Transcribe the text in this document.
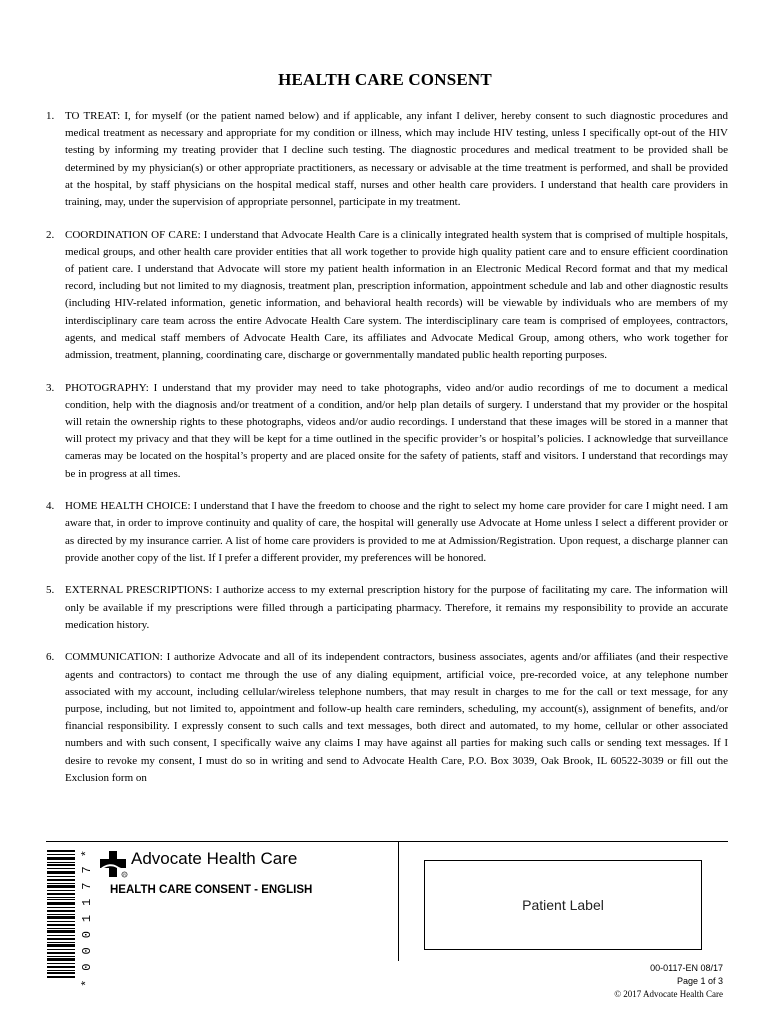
HEALTH CARE CONSENT
1. TO TREAT: I, for myself (or the patient named below) and if applicable, any infant I deliver, hereby consent to such diagnostic procedures and medical treatment as necessary and appropriate for my condition or illness, which may include HIV testing, unless I specifically opt-out of the HIV testing by informing my treating provider that I decline such testing. The diagnostic procedures and medical treatment to be provided shall be determined by my physician(s) or other appropriate practitioners, as necessary or advisable at the time treatment is performed, and shall be provided at the hospital, by staff physicians on the hospital medical staff, nurses and other health care providers. I understand that health care providers in training, may, under the supervision of appropriate personnel, participate in my treatment.

2. COORDINATION OF CARE: I understand that Advocate Health Care is a clinically integrated health system that is comprised of multiple hospitals, medical groups, and other health care provider entities that all work together to provide high quality patient care and to ensure efficient coordination of patient care. I understand that Advocate will store my patient health information in an Electronic Medical Record format and that my medical record, including but not limited to my diagnosis, treatment plan, prescription information, appointment schedule and lab and other diagnostic results (including HIV-related information, genetic information, and behavioral health records) will be viewable by individuals who are members of my interdisciplinary care team across the entire Advocate Health Care system. The interdisciplinary care team is comprised of employees, contractors, agents, and medical staff members of Advocate Health Care, its affiliates and Advocate Medical Group, among others, who work together for admission, treatment, planning, coordinating care, discharge or governmentally mandated public health reporting purposes.

3. PHOTOGRAPHY: I understand that my provider may need to take photographs, video and/or audio recordings of me to document a medical condition, help with the diagnosis and/or treatment of a condition, and/or help plan details of surgery. I understand that my provider or the hospital will retain the ownership rights to these photographs, videos and/or audio recordings. I understand that these images will be stored in a manner that will protect my privacy and that they will be kept for a time outlined in the specific provider’s or hospital’s policies. I acknowledge that surveillance cameras may be located on the hospital’s property and are placed onsite for the safety of patients, staff and visitors. I understand that recordings may be in progress at all times.

4. HOME HEALTH CHOICE: I understand that I have the freedom to choose and the right to select my home care provider for care I might need. I am aware that, in order to improve continuity and quality of care, the hospital will generally use Advocate at Home unless I select a different provider or as directed by my insurance carrier. A list of home care providers is provided to me at Admission/Registration. Upon request, a discharge planner can provide another copy of the list. If I prefer a different provider, my preferences will be honored.

5. EXTERNAL PRESCRIPTIONS: I authorize access to my external prescription history for the purpose of facilitating my care. The information will only be available if my prescriptions were filled through a participating pharmacy. Therefore, it remains my responsibility to provide an accurate medication history.

6. COMMUNICATION: I authorize Advocate and all of its independent contractors, business associates, agents and/or affiliates (and their respective agents and contractors) to contact me through the use of any dialing equipment, artificial voice, pre-recorded voice, at any telephone number associated with my account, including cellular/wireless telephone numbers, that may result in charges to me for the call or text message, for any purpose, including, but not limited to, appointment and follow-up health care reminders, scheduling, my account(s), assignment of benefits, and/or financial responsibility. I expressly consent to such calls and text messages, both direct and automated, to my home, cellular or other associated numbers and with such consent, I specifically waive any claims I may have against all parties for making such calls or sending text messages. If I desire to revoke my consent, I must do so in writing and send to Advocate Health Care, P.O. Box 3039, Oak Brook, IL 60522-3039 or fill out the Exclusion form on

*0001177*	R
Advocate Health Care
HEALTH CARE CONSENT - ENGLISH
Patient Label
00-0117-EN 08/17
Page 1 of 3
© 2017 Advocate Health Care
